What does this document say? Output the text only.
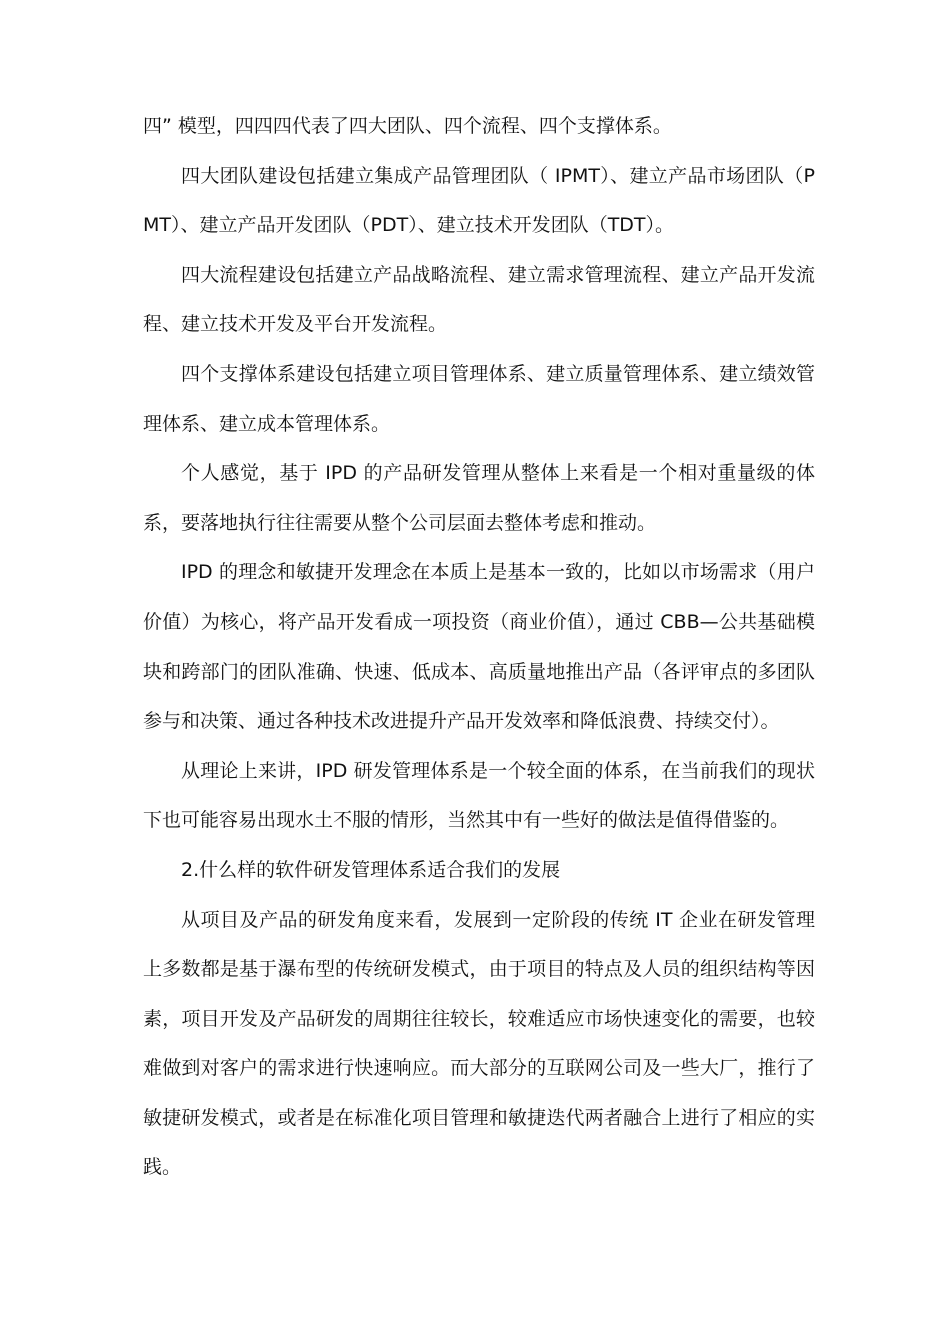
四” 模型，四四四代表了四大团队、四个流程、四个支撑体系。

四大团队建设包括建立集成产品管理团队（ IPMT）、建立产品市场团队（PMT）、建立产品开发团队（PDT）、建立技术开发团队（TDT）。

四大流程建设包括建立产品战略流程、建立需求管理流程、建立产品开发流程、建立技术开发及平台开发流程。

四个支撑体系建设包括建立项目管理体系、建立质量管理体系、建立绩效管理体系、建立成本管理体系。

个人感觉，基于 IPD 的产品研发管理从整体上来看是一个相对重量级的体系，要落地执行往往需要从整个公司层面去整体考虑和推动。

IPD 的理念和敏捷开发理念在本质上是基本一致的，比如以市场需求（用户价值）为核心，将产品开发看成一项投资（商业价值），通过 CBB—公共基础模块和跨部门的团队准确、快速、低成本、高质量地推出产品（各评审点的多团队参与和决策、通过各种技术改进提升产品开发效率和降低浪费、持续交付）。

从理论上来讲，IPD 研发管理体系是一个较全面的体系，在当前我们的现状下也可能容易出现水土不服的情形，当然其中有一些好的做法是值得借鉴的。

2.什么样的软件研发管理体系适合我们的发展

从项目及产品的研发角度来看，发展到一定阶段的传统 IT 企业在研发管理上多数都是基于瀑布型的传统研发模式，由于项目的特点及人员的组织结构等因素，项目开发及产品研发的周期往往较长，较难适应市场快速变化的需要，也较难做到对客户的需求进行快速响应。而大部分的互联网公司及一些大厂，推行了敏捷研发模式，或者是在标准化项目管理和敏捷迭代两者融合上进行了相应的实践。
